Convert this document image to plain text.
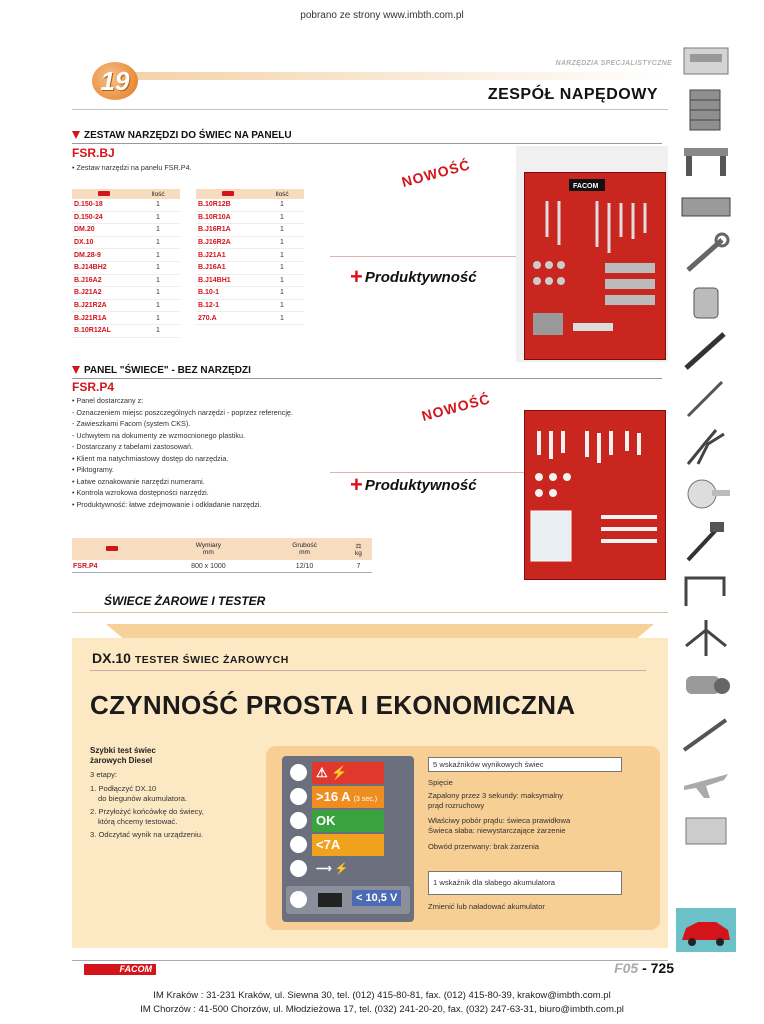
pobrano ze strony www.imbth.com.pl
19
NARZĘDZIA SPECJALISTYCZNE
ZESPÓŁ NAPĘDOWY
ZESTAW NARZĘDZI DO ŚWIEC NA PANELU
FSR.BJ
• Zestaw narzędzi na panelu FSR.P4.
	Ilość
D.150-18	1
D.150-24	1
DM.20	1
DX.10	1
DM.28-9	1
B.J14BH2	1
B.J16A2	1
B.J21A2	1
B.J21R2A	1
B.J21R1A	1
B.10R12AL	1
	Ilość
B.10R12B	1
B.10R10A	1
B.J16R1A	1
B.J16R2A	1
B.J21A1	1
B.J16A1	1
B.J14BH1	1
B.10-1	1
B.12-1	1
270.A	1
NOWOŚĆ
+ Produktywność
FACOM
PANEL "ŚWIECE" - BEZ NARZĘDZI
FSR.P4
• Panel dostarczany z:
- Oznaczeniem miejsc poszczególnych narzędzi - poprzez referencję.
- Zawieszkami Facom (system CKS).
- Uchwytem na dokumenty ze wzmocnionego plastiku.
- Dostarczany z tabelami zastosowań.
• Klient ma natychmiastowy dostęp do narzędzia.
• Piktogramy.
• Łatwe oznakowanie narzędzi numerami.
• Kontrola wzrokowa dostępności narzędzi.
• Produktywność: łatwe zdejmowanie i odkładanie narzędzi.
NOWOŚĆ
+ Produktywność
	Wymiary
mm	Grubość
mm	⚖
kg
FSR.P4	800 x 1000	12/10	7
ŚWIECE ŻAROWE I TESTER
DX.10 TESTER ŚWIEC ŻAROWYCH
CZYNNOŚĆ PROSTA I EKONOMICZNA
Szybki test świec
żarowych Diesel
3 etapy:
1. Podłączyć DX.10
do biegunów akumulatora.
2. Przyłożyć końcówkę do świecy,
którą chcemy testować.
3. Odczytać wynik na urządzeniu.
⚠ ⚡
>16 A (3 sec.)
OK
<7A
⟶ ⚡
< 10,5 V
5 wskaźników wynikowych świec
Spięcie
Zapalony przez 3 sekundy: maksymalny
prąd rozruchowy
Właściwy pobór prądu: świeca prawidłowa
Świeca słaba: niewystarczające żarzenie
Obwód przerwany: brak żarzenia
1 wskaźnik dla słabego akumulatora
Zmienić lub naładować akumulator
FACOM	F05 - 725
IM Kraków : 31-231 Kraków, ul. Siewna 30, tel. (012) 415-80-81, fax. (012) 415-80-39, krakow@imbth.com.pl
IM Chorzów : 41-500 Chorzów, ul. Młodzieżowa 17, tel. (032) 241-20-20, fax. (032) 247-63-31, biuro@imbth.com.pl
